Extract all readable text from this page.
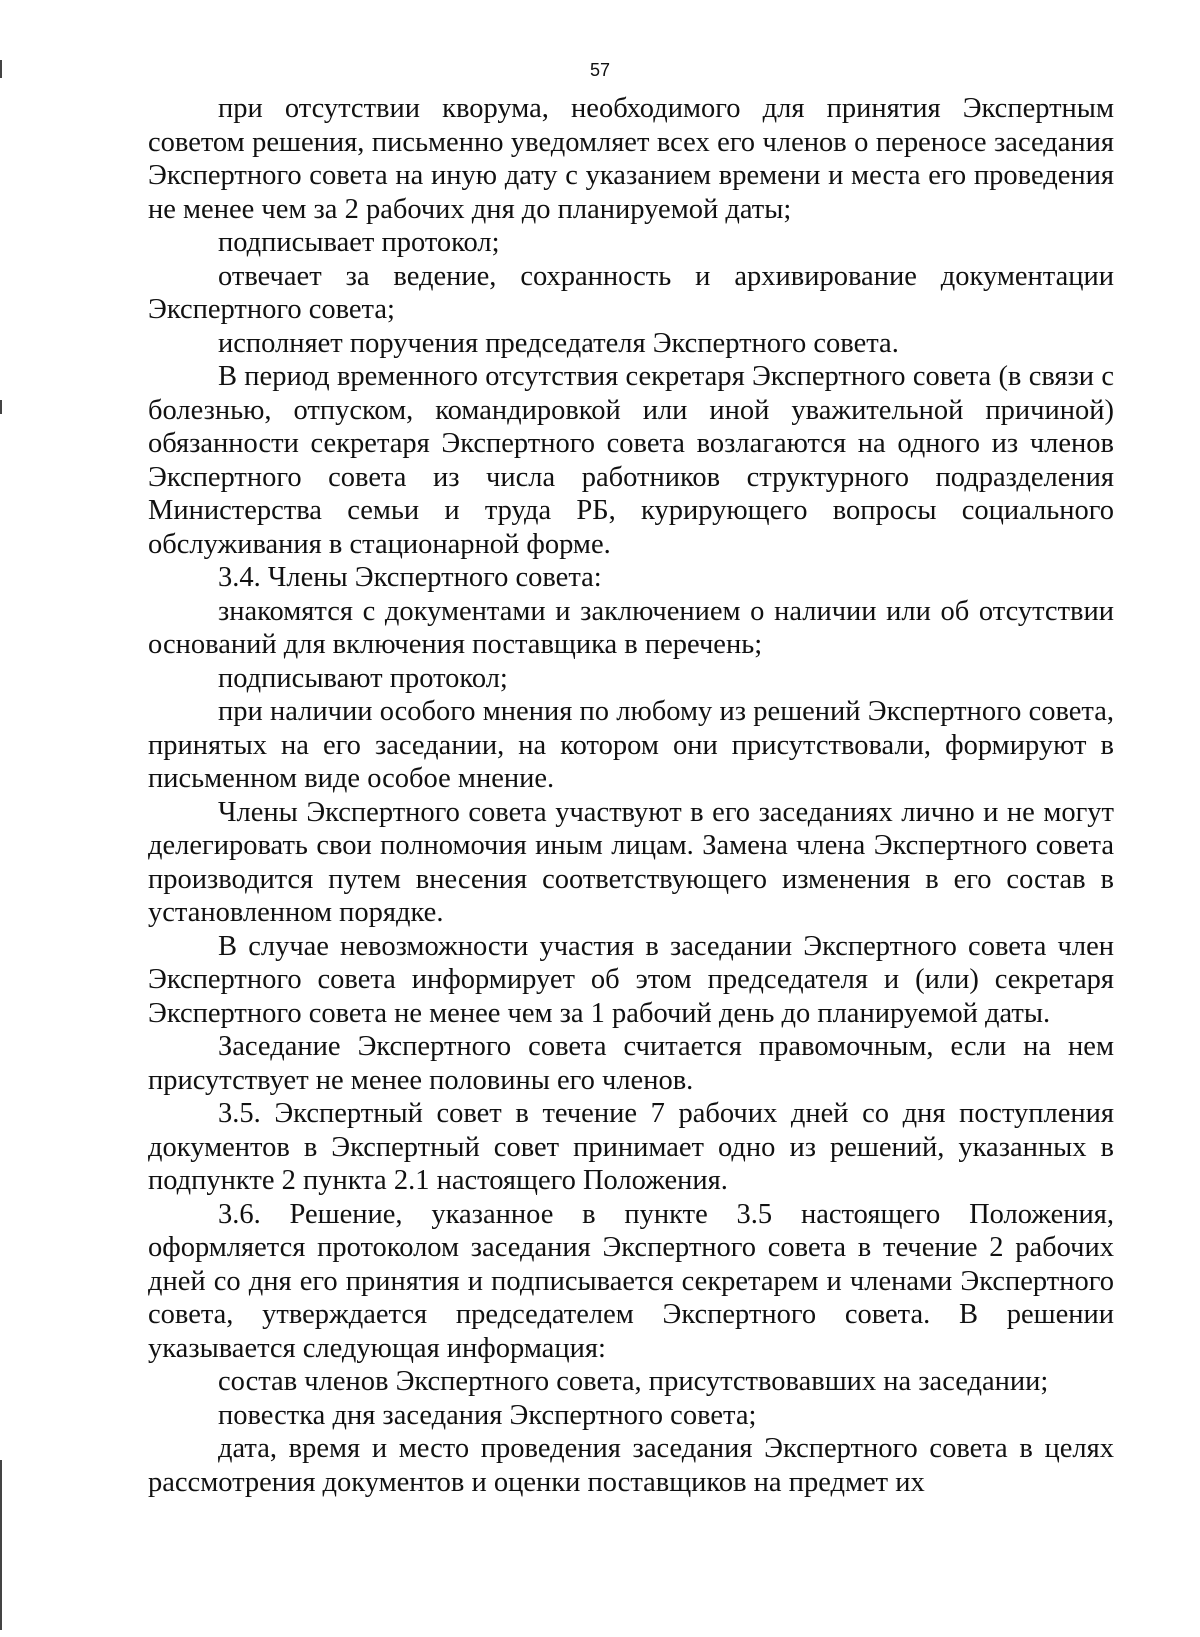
57

при отсутствии кворума, необходимого для принятия Экспертным советом решения, письменно уведомляет всех его членов о переносе заседания Экспертного совета на иную дату с указанием времени и места его проведения не менее чем за 2 рабочих дня до планируемой даты;

подписывает протокол;

отвечает за ведение, сохранность и архивирование документации Экспертного совета;

исполняет поручения председателя Экспертного совета.

В период временного отсутствия секретаря Экспертного совета (в связи с болезнью, отпуском, командировкой или иной уважительной причиной) обязанности секретаря Экспертного совета возлагаются на одного из членов Экспертного совета из числа работников структурного подразделения Министерства семьи и труда РБ, курирующего вопросы социального обслуживания в стационарной форме.

3.4. Члены Экспертного совета:

знакомятся с документами и заключением о наличии или об отсутствии оснований для включения поставщика в перечень;

подписывают протокол;

при наличии особого мнения по любому из решений Экспертного совета, принятых на его заседании, на котором они присутствовали, формируют в письменном виде особое мнение.

Члены Экспертного совета участвуют в его заседаниях лично и не могут делегировать свои полномочия иным лицам. Замена члена Экспертного совета производится путем внесения соответствующего изменения в его состав в установленном порядке.

В случае невозможности участия в заседании Экспертного совета член Экспертного совета информирует об этом председателя и (или) секретаря Экспертного совета не менее чем за 1 рабочий день до планируемой даты.

Заседание Экспертного совета считается правомочным, если на нем присутствует не менее половины его членов.

3.5. Экспертный совет в течение 7 рабочих дней со дня поступления документов в Экспертный совет принимает одно из решений, указанных в подпункте 2 пункта 2.1 настоящего Положения.

3.6. Решение, указанное в пункте 3.5 настоящего Положения, оформляется протоколом заседания Экспертного совета в течение 2 рабочих дней со дня его принятия и подписывается секретарем и членами Экспертного совета, утверждается председателем Экспертного совета. В решении указывается следующая информация:

состав членов Экспертного совета, присутствовавших на заседании;

повестка дня заседания Экспертного совета;

дата, время и место проведения заседания Экспертного совета в целях рассмотрения документов и оценки поставщиков на предмет их
